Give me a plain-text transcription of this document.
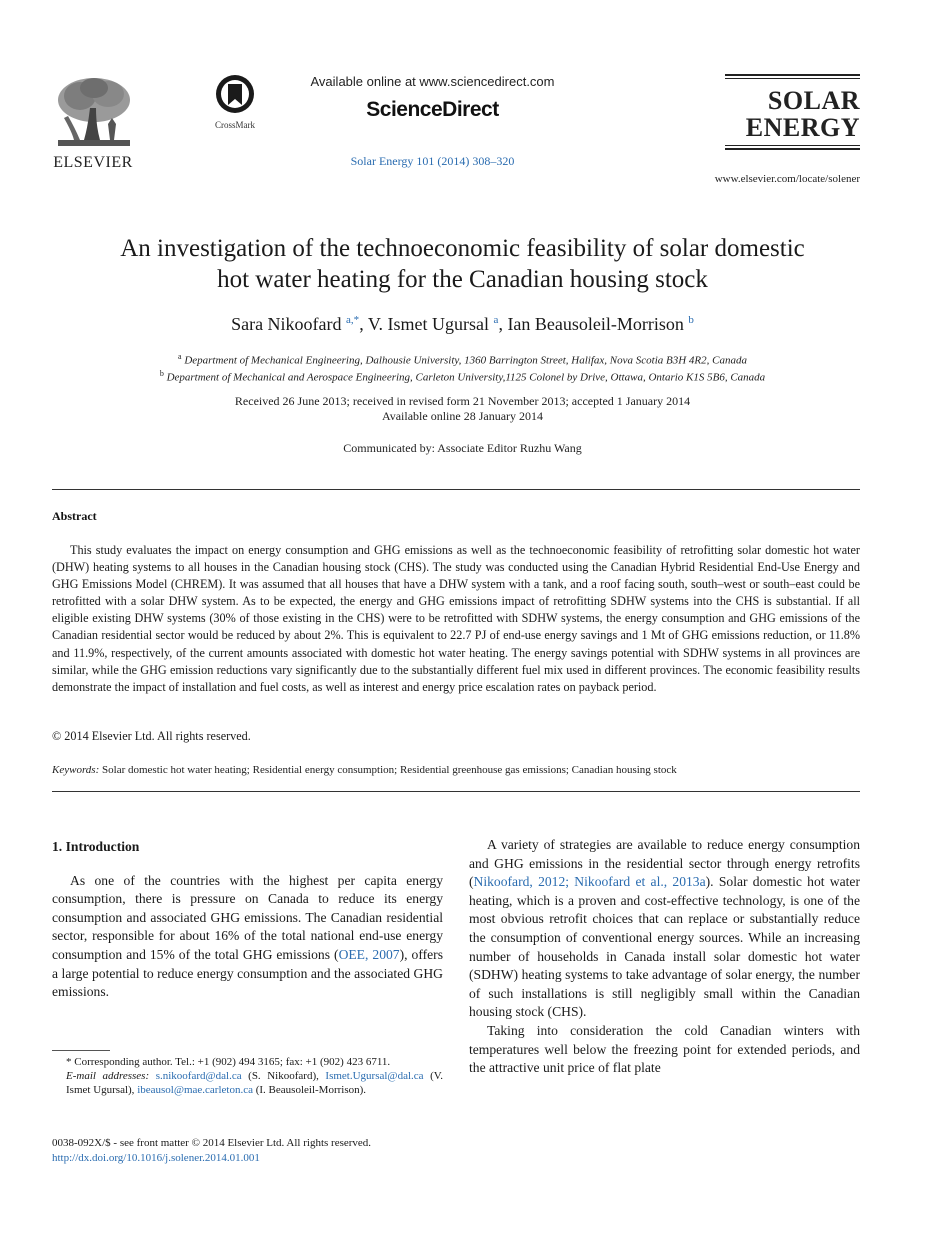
ELSEVIER
CrossMark
Available online at www.sciencedirect.com
ScienceDirect
Solar Energy 101 (2014) 308–320
SOLAR
ENERGY
www.elsevier.com/locate/solener
An investigation of the technoeconomic feasibility of solar domestic
hot water heating for the Canadian housing stock
Sara Nikoofard $^{a,*}$, V. Ismet Ugursal $^a$, Ian Beausoleil-Morrison $^b$
$^a$ Department of Mechanical Engineering, Dalhousie University, 1360 Barrington Street, Halifax, Nova Scotia B3H 4R2, Canada
$^b$ Department of Mechanical and Aerospace Engineering, Carleton University,1125 Colonel by Drive, Ottawa, Ontario K1S 5B6, Canada
Received 26 June 2013; received in revised form 21 November 2013; accepted 1 January 2014
Available online 28 January 2014
Communicated by: Associate Editor Ruzhu Wang
Abstract

This study evaluates the impact on energy consumption and GHG emissions as well as the technoeconomic feasibility of retrofitting solar domestic hot water (DHW) heating systems to all houses in the Canadian housing stock (CHS). The study was conducted using the Canadian Hybrid Residential End-Use Energy and GHG Emissions Model (CHREM). It was assumed that all houses that have a DHW system with a tank, and a roof facing south, south–west or south–east could be retrofitted with a solar DHW system. As to be expected, the energy and GHG emissions impact of retrofitting SDHW systems into the CHS is substantial. If all eligible existing DHW systems (30% of those existing in the CHS) were to be retrofitted with SDHW systems, the energy consumption and GHG emissions of the Canadian residential sector would be reduced by about 2%. This is equivalent to 22.7 PJ of end-use energy savings and 1 Mt of GHG emissions reduction, or 11.8% and 11.9%, respectively, of the current amounts associated with domestic hot water heating. The energy savings potential with SDHW systems in all provinces are similar, while the GHG emission reductions vary significantly due to the substantially different fuel mix used in different provinces. The economic feasibility results demonstrate the impact of installation and fuel costs, as well as interest and energy price escalation rates on payback period.

© 2014 Elsevier Ltd. All rights reserved.
Keywords: Solar domestic hot water heating; Residential energy consumption; Residential greenhouse gas emissions; Canadian housing stock
1. Introduction

As one of the countries with the highest per capita energy consumption, there is pressure on Canada to reduce its energy consumption and associated GHG emissions. The Canadian residential sector, responsible for about 16% of the total national end-use energy consumption and 15% of the total GHG emissions (OEE, 2007), offers a large potential to reduce energy consumption and the associated GHG emissions.

* Corresponding author. Tel.: +1 (902) 494 3165; fax: +1 (902) 423 6711.
E-mail addresses: s.nikoofard@dal.ca (S. Nikoofard), Ismet.Ugursal@dal.ca (V. Ismet Ugursal), ibeausol@mae.carleton.ca (I. Beausoleil-Morrison).
0038-092X/$ - see front matter © 2014 Elsevier Ltd. All rights reserved.
http://dx.doi.org/10.1016/j.solener.2014.01.001

A variety of strategies are available to reduce energy consumption and GHG emissions in the residential sector through energy retrofits (Nikoofard, 2012; Nikoofard et al., 2013a). Solar domestic hot water heating, which is a proven and cost-effective technology, is one of the most obvious retrofit choices that can replace or substantially reduce the consumption of conventional energy sources. While an increasing number of households in Canada install solar domestic hot water (SDHW) heating systems to take advantage of solar energy, the number of such installations is still negligibly small within the Canadian housing stock (CHS).

Taking into consideration the cold Canadian winters with temperatures well below the freezing point for extended periods, and the attractive unit price of flat plate
